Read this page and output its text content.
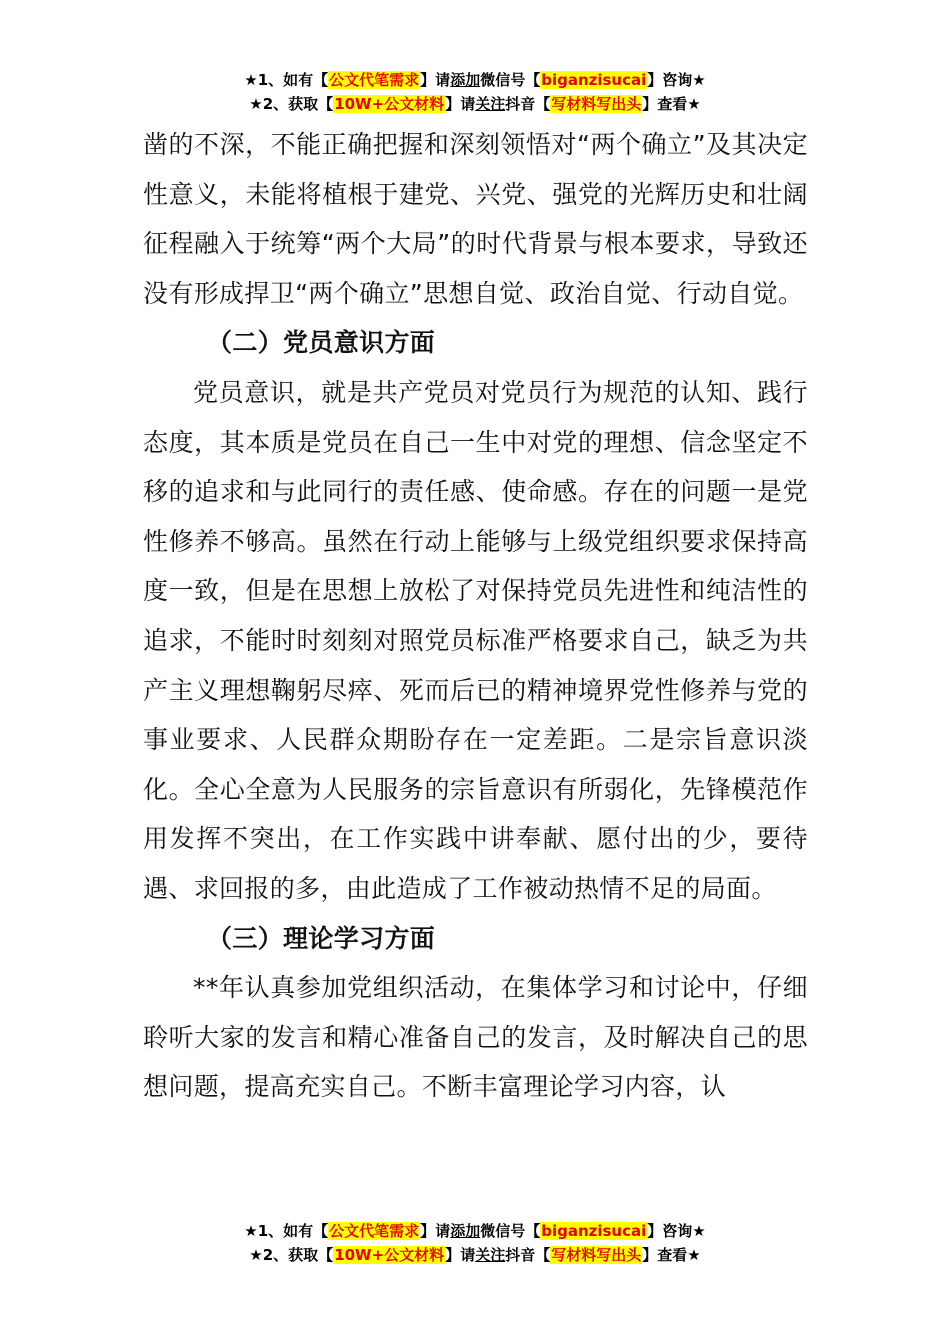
★1、如有【公文代笔需求】请添加微信号【biganzisucai】咨询★
★2、获取【10W+公文材料】请关注抖音【写材料写出头】查看★

凿的不深，不能正确把握和深刻领悟对“两个确立”及其决定性意义，未能将植根于建党、兴党、强党的光辉历史和壮阔征程融入于统筹“两个大局”的时代背景与根本要求，导致还没有形成捍卫“两个确立”思想自觉、政治自觉、行动自觉。

（二）党员意识方面

党员意识，就是共产党员对党员行为规范的认知、践行态度，其本质是党员在自己一生中对党的理想、信念坚定不移的追求和与此同行的责任感、使命感。存在的问题一是党性修养不够高。虽然在行动上能够与上级党组织要求保持高度一致，但是在思想上放松了对保持党员先进性和纯洁性的追求，不能时时刻刻对照党员标准严格要求自己，缺乏为共产主义理想鞠躬尽瘁、死而后已的精神境界党性修养与党的事业要求、人民群众期盼存在一定差距。二是宗旨意识淡化。全心全意为人民服务的宗旨意识有所弱化，先锋模范作用发挥不突出，在工作实践中讲奉献、愿付出的少，要待遇、求回报的多，由此造成了工作被动热情不足的局面。

（三）理论学习方面

**年认真参加党组织活动，在集体学习和讨论中，仔细聆听大家的发言和精心准备自己的发言，及时解决自己的思想问题，提高充实自己。不断丰富理论学习内容，认

★1、如有【公文代笔需求】请添加微信号【biganzisucai】咨询★
★2、获取【10W+公文材料】请关注抖音【写材料写出头】查看★
